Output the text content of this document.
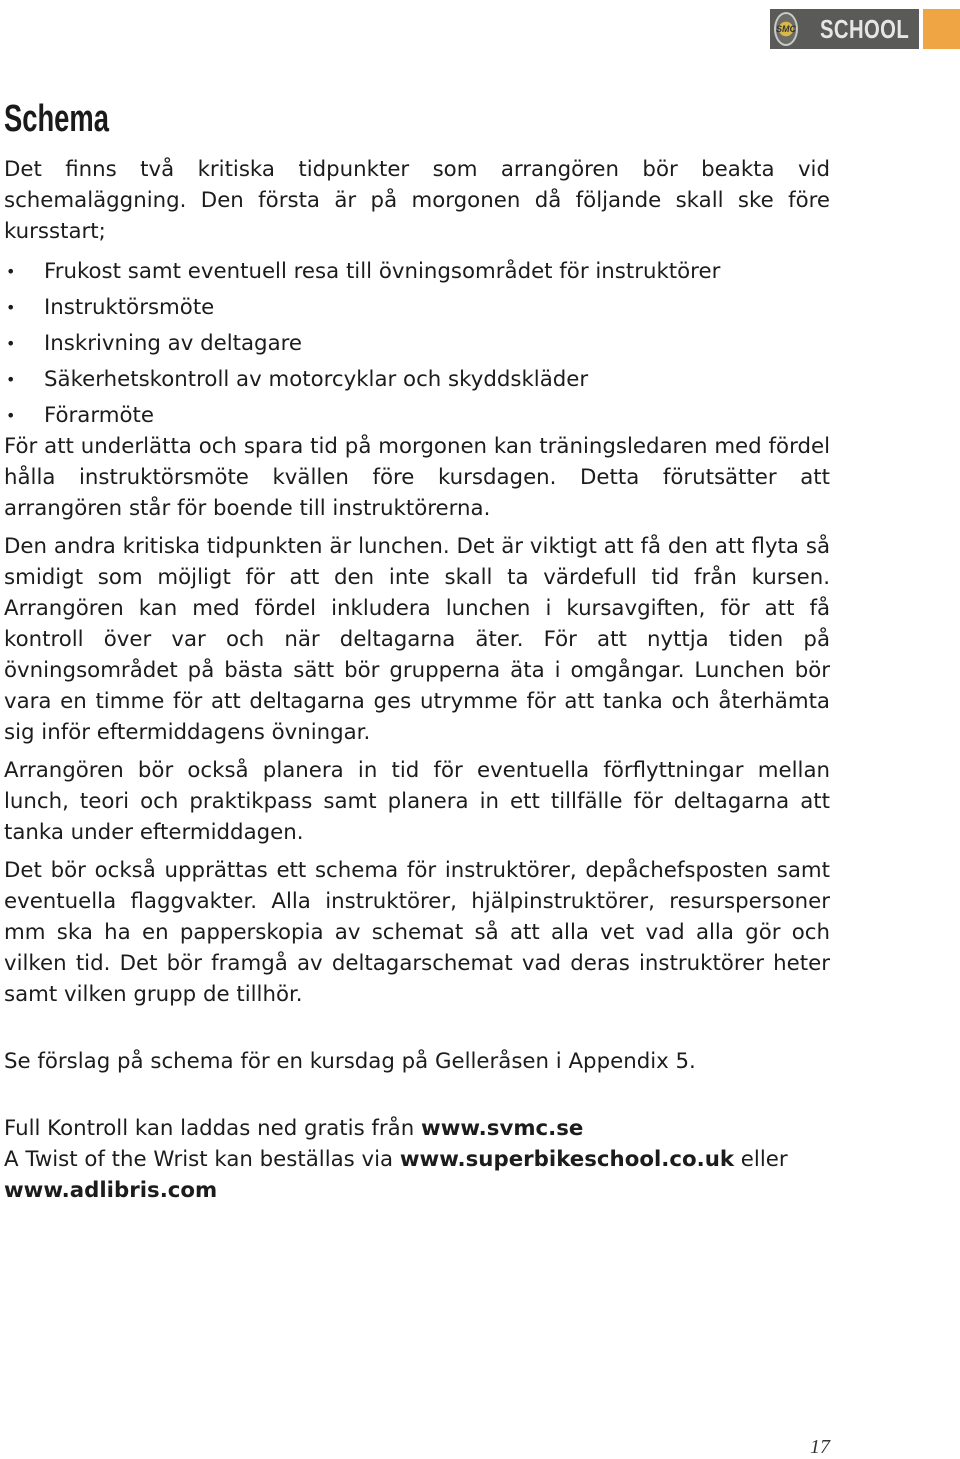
SMC SCHOOL
Schema

Det finns två kritiska tidpunkter som arrangören bör beakta vid schemaläggning. Den första är på morgonen då följande skall ske före kursstart;

• Frukost samt eventuell resa till övningsområdet för instruktörer
• Instruktörsmöte
• Inskrivning av deltagare
• Säkerhetskontroll av motorcyklar och skyddskläder
• Förarmöte

För att underlätta och spara tid på morgonen kan träningsledaren med fördel hålla instruktörsmöte kvällen före kursdagen. Detta förutsätter att arrangören står för boende till instruktörerna.

Den andra kritiska tidpunkten är lunchen. Det är viktigt att få den att flyta så smidigt som möjligt för att den inte skall ta värdefull tid från kursen. Arrangören kan med fördel inkludera lunchen i kursavgiften, för att få kontroll över var och när deltagarna äter. För att nyttja tiden på övningsområdet på bästa sätt bör grupperna äta i omgångar. Lunchen bör vara en timme för att deltagarna ges utrymme för att tanka och återhämta sig inför eftermiddagens övningar.

Arrangören bör också planera in tid för eventuella förflyttningar mellan lunch, teori och praktikpass samt planera in ett tillfälle för deltagarna att tanka under eftermiddagen.

Det bör också upprättas ett schema för instruktörer, depåchefsposten samt eventuella flaggvakter. Alla instruktörer, hjälpinstruktörer, resurspersoner mm ska ha en papperskopia av schemat så att alla vet vad alla gör och vilken tid. Det bör framgå av deltagarschemat vad deras instruktörer heter samt vilken grupp de tillhör.

Se förslag på schema för en kursdag på Gelleråsen i Appendix 5.

Full Kontroll kan laddas ned gratis från www.svmc.se

A Twist of the Wrist kan beställas via www.superbikeschool.co.uk eller
www.adlibris.com

17
